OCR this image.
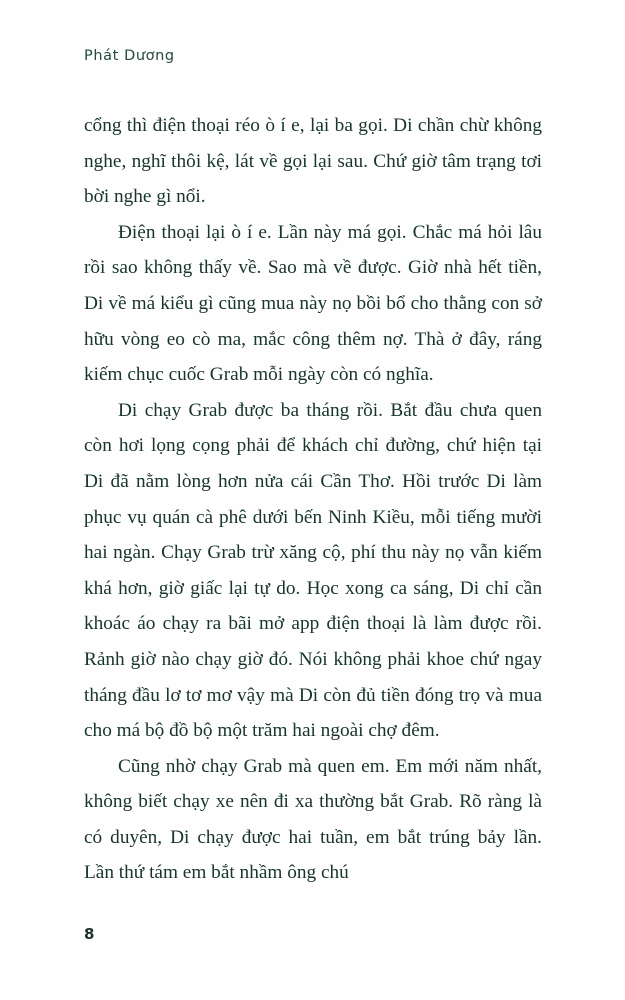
Phát Dương

cổng thì điện thoại réo ò í e, lại ba gọi. Di chần chừ không nghe, nghĩ thôi kệ, lát về gọi lại sau. Chứ giờ tâm trạng tơi bời nghe gì nổi.

Điện thoại lại ò í e. Lần này má gọi. Chắc má hỏi lâu rồi sao không thấy về. Sao mà về được. Giờ nhà hết tiền, Di về má kiểu gì cũng mua này nọ bồi bổ cho thằng con sở hữu vòng eo cò ma, mắc công thêm nợ. Thà ở đây, ráng kiếm chục cuốc Grab mỗi ngày còn có nghĩa.

Di chạy Grab được ba tháng rồi. Bắt đầu chưa quen còn hơi lọng cọng phải để khách chỉ đường, chứ hiện tại Di đã nằm lòng hơn nửa cái Cần Thơ. Hồi trước Di làm phục vụ quán cà phê dưới bến Ninh Kiều, mỗi tiếng mười hai ngàn. Chạy Grab trừ xăng cộ, phí thu này nọ vẫn kiếm khá hơn, giờ giấc lại tự do. Học xong ca sáng, Di chỉ cần khoác áo chạy ra bãi mở app điện thoại là làm được rồi. Rảnh giờ nào chạy giờ đó. Nói không phải khoe chứ ngay tháng đầu lơ tơ mơ vậy mà Di còn đủ tiền đóng trọ và mua cho má bộ đồ bộ một trăm hai ngoài chợ đêm.

Cũng nhờ chạy Grab mà quen em. Em mới năm nhất, không biết chạy xe nên đi xa thường bắt Grab. Rõ ràng là có duyên, Di chạy được hai tuần, em bắt trúng bảy lần. Lần thứ tám em bắt nhầm ông chú

8
